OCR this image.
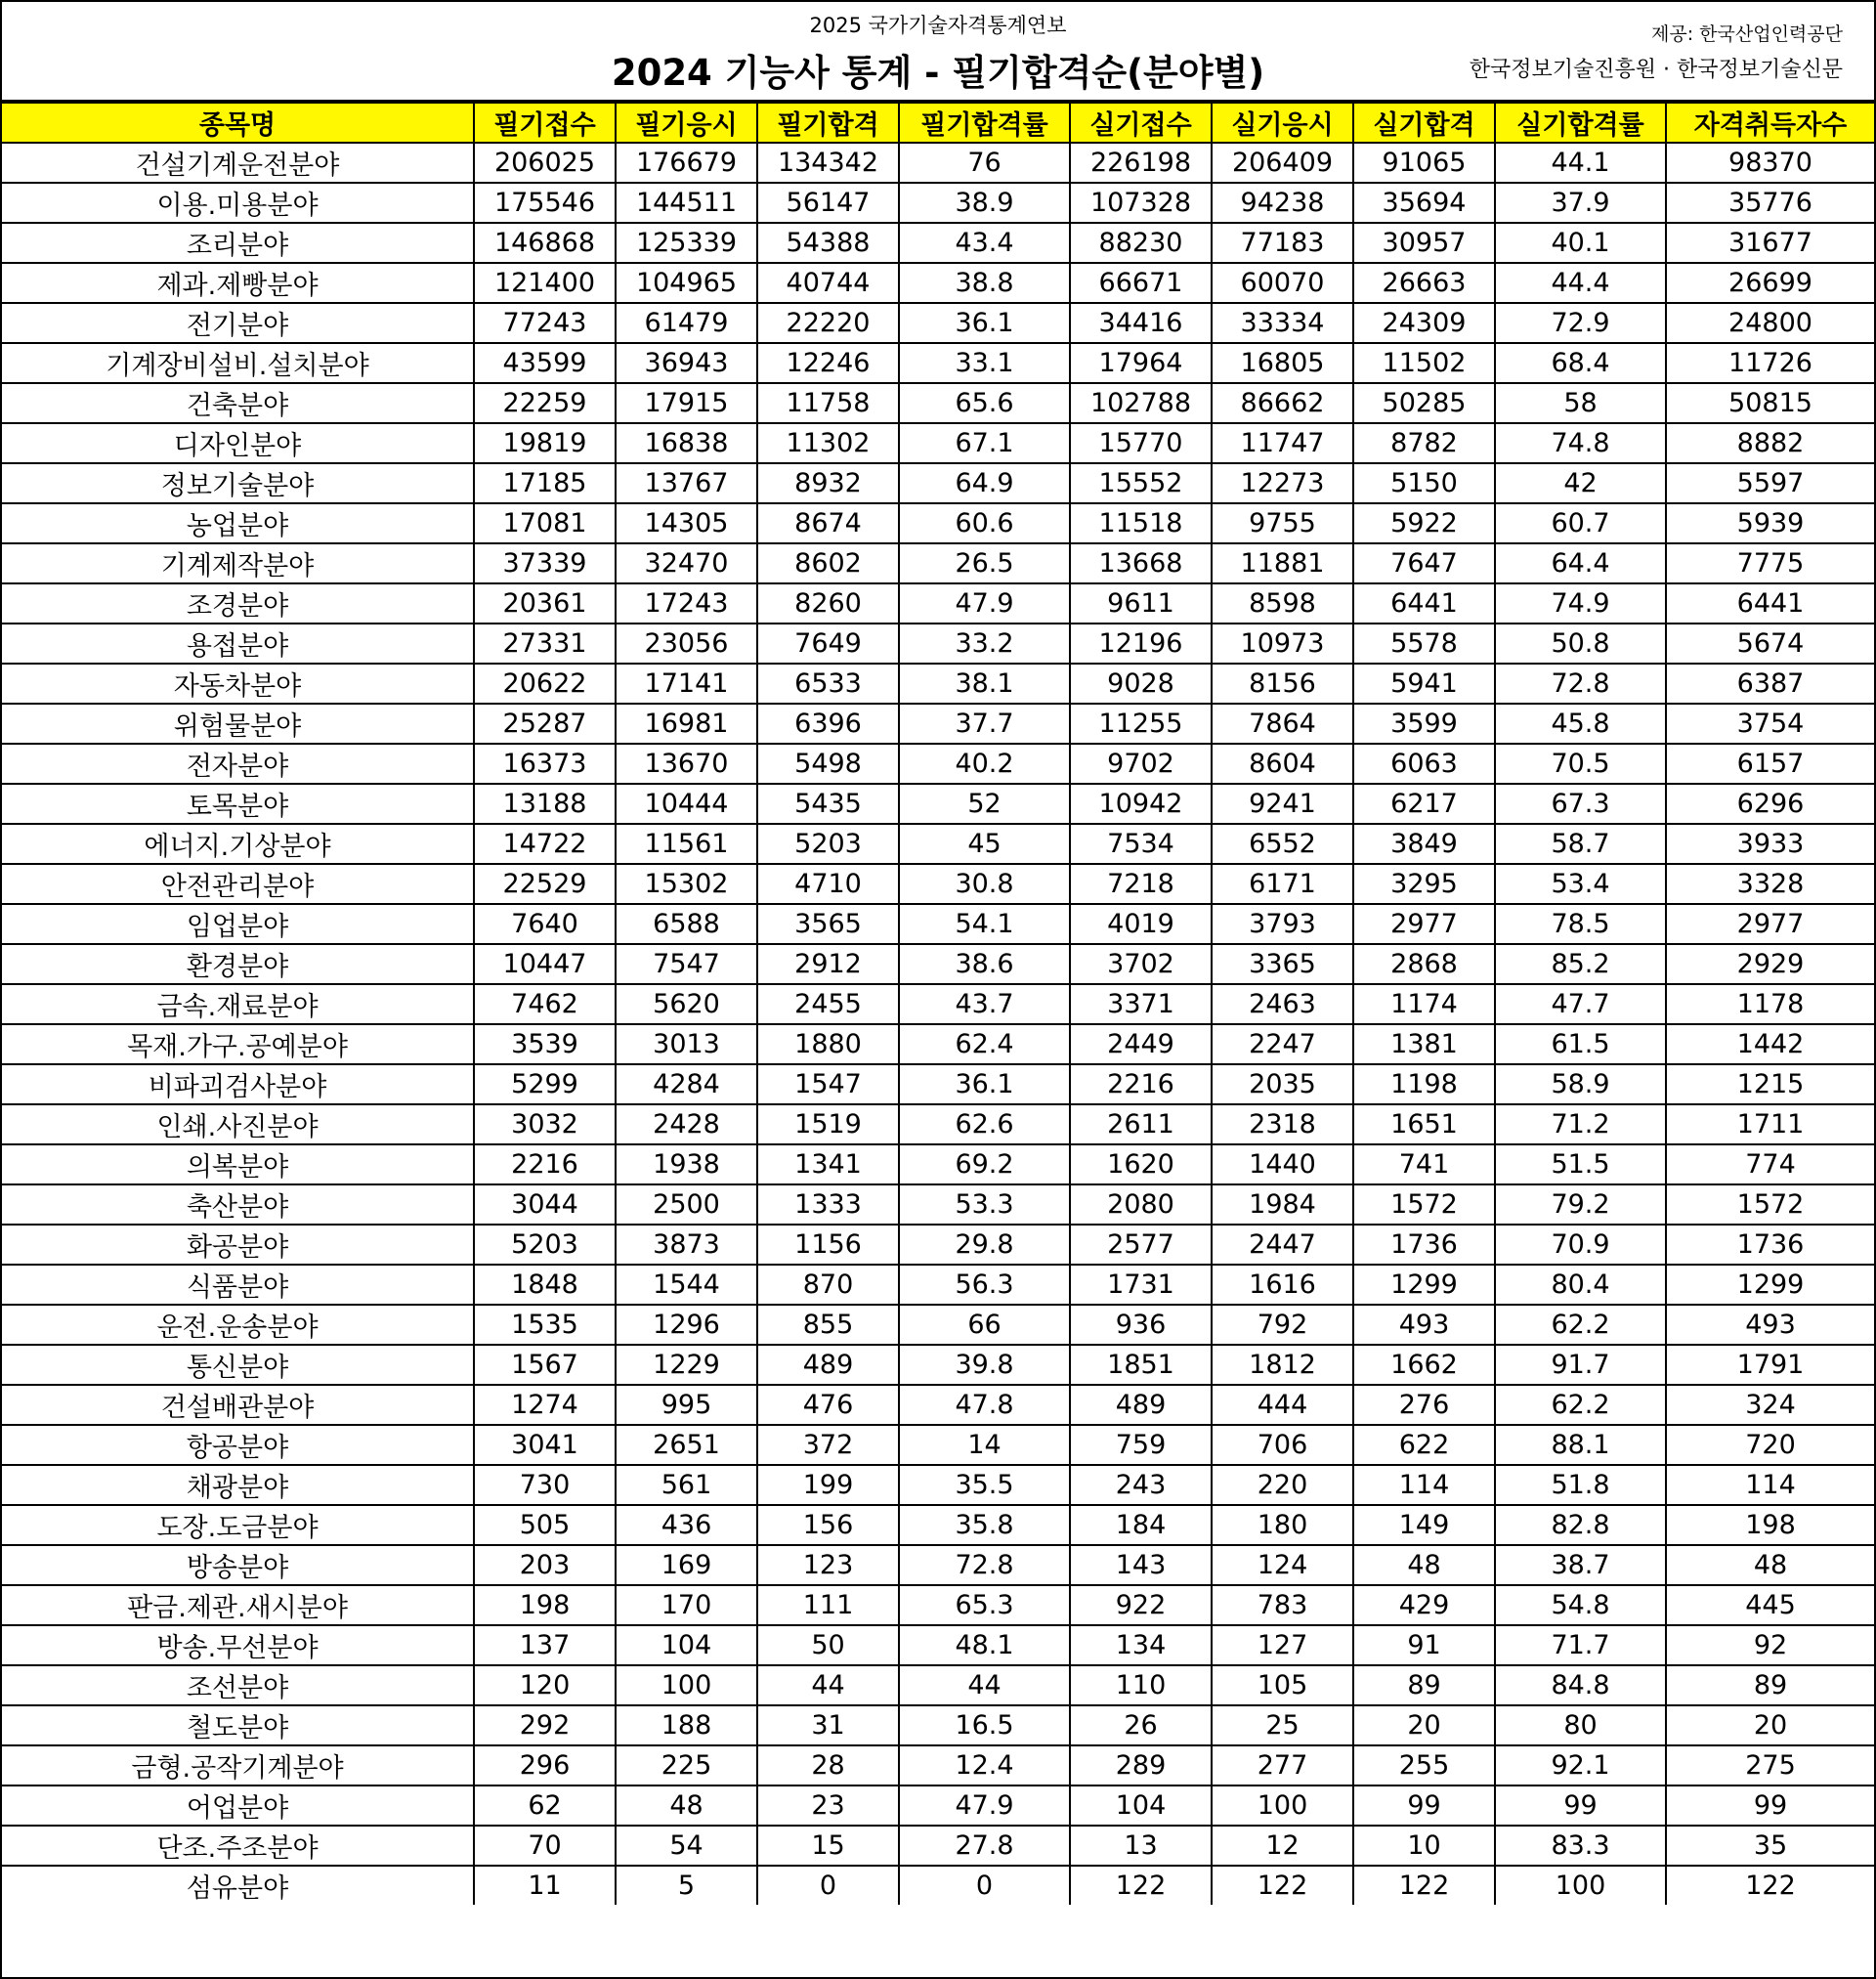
2025 국가기술자격통계연보
2024 기능사 통계 - 필기합격순(분야별)
제공: 한국산업인력공단
한국정보기술진흥원 · 한국정보기술신문
종목명	필기접수	필기응시	필기합격	필기합격률	실기접수	실기응시	실기합격	실기합격률	자격취득자수
건설기계운전분야	206025	176679	134342	76	226198	206409	91065	44.1	98370
이용.미용분야	175546	144511	56147	38.9	107328	94238	35694	37.9	35776
조리분야	146868	125339	54388	43.4	88230	77183	30957	40.1	31677
제과.제빵분야	121400	104965	40744	38.8	66671	60070	26663	44.4	26699
전기분야	77243	61479	22220	36.1	34416	33334	24309	72.9	24800
기계장비설비.설치분야	43599	36943	12246	33.1	17964	16805	11502	68.4	11726
건축분야	22259	17915	11758	65.6	102788	86662	50285	58	50815
디자인분야	19819	16838	11302	67.1	15770	11747	8782	74.8	8882
정보기술분야	17185	13767	8932	64.9	15552	12273	5150	42	5597
농업분야	17081	14305	8674	60.6	11518	9755	5922	60.7	5939
기계제작분야	37339	32470	8602	26.5	13668	11881	7647	64.4	7775
조경분야	20361	17243	8260	47.9	9611	8598	6441	74.9	6441
용접분야	27331	23056	7649	33.2	12196	10973	5578	50.8	5674
자동차분야	20622	17141	6533	38.1	9028	8156	5941	72.8	6387
위험물분야	25287	16981	6396	37.7	11255	7864	3599	45.8	3754
전자분야	16373	13670	5498	40.2	9702	8604	6063	70.5	6157
토목분야	13188	10444	5435	52	10942	9241	6217	67.3	6296
에너지.기상분야	14722	11561	5203	45	7534	6552	3849	58.7	3933
안전관리분야	22529	15302	4710	30.8	7218	6171	3295	53.4	3328
임업분야	7640	6588	3565	54.1	4019	3793	2977	78.5	2977
환경분야	10447	7547	2912	38.6	3702	3365	2868	85.2	2929
금속.재료분야	7462	5620	2455	43.7	3371	2463	1174	47.7	1178
목재.가구.공예분야	3539	3013	1880	62.4	2449	2247	1381	61.5	1442
비파괴검사분야	5299	4284	1547	36.1	2216	2035	1198	58.9	1215
인쇄.사진분야	3032	2428	1519	62.6	2611	2318	1651	71.2	1711
의복분야	2216	1938	1341	69.2	1620	1440	741	51.5	774
축산분야	3044	2500	1333	53.3	2080	1984	1572	79.2	1572
화공분야	5203	3873	1156	29.8	2577	2447	1736	70.9	1736
식품분야	1848	1544	870	56.3	1731	1616	1299	80.4	1299
운전.운송분야	1535	1296	855	66	936	792	493	62.2	493
통신분야	1567	1229	489	39.8	1851	1812	1662	91.7	1791
건설배관분야	1274	995	476	47.8	489	444	276	62.2	324
항공분야	3041	2651	372	14	759	706	622	88.1	720
채광분야	730	561	199	35.5	243	220	114	51.8	114
도장.도금분야	505	436	156	35.8	184	180	149	82.8	198
방송분야	203	169	123	72.8	143	124	48	38.7	48
판금.제관.새시분야	198	170	111	65.3	922	783	429	54.8	445
방송.무선분야	137	104	50	48.1	134	127	91	71.7	92
조선분야	120	100	44	44	110	105	89	84.8	89
철도분야	292	188	31	16.5	26	25	20	80	20
금형.공작기계분야	296	225	28	12.4	289	277	255	92.1	275
어업분야	62	48	23	47.9	104	100	99	99	99
단조.주조분야	70	54	15	27.8	13	12	10	83.3	35
섬유분야	11	5	0	0	122	122	122	100	122
